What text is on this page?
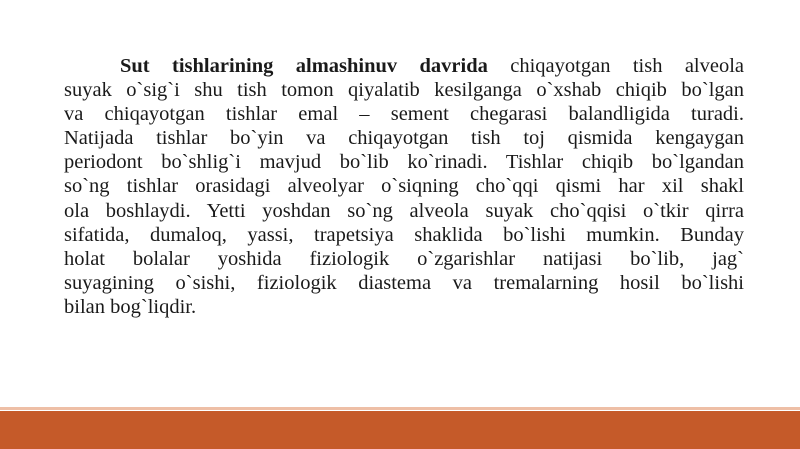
Sut tishlarining almashinuv davrida chiqayotgan tish alveola
suyak o`sig`i shu tish tomon qiyalatib kesilganga o`xshab chiqib bo`lgan
va chiqayotgan tishlar emal – sement chegarasi balandligida turadi.
Natijada tishlar bo`yin va chiqayotgan tish toj qismida kengaygan
periodont bo`shlig`i mavjud bo`lib ko`rinadi. Tishlar chiqib bo`lgandan
so`ng tishlar orasidagi alveolyar o`siqning cho`qqi qismi har xil shakl
ola boshlaydi. Yetti yoshdan so`ng alveola suyak cho`qqisi o`tkir qirra
sifatida, dumaloq, yassi, trapetsiya shaklida bo`lishi mumkin. Bunday
holat bolalar yoshida fiziologik o`zgarishlar natijasi bo`lib, jag`
suyagining o`sishi, fiziologik diastema va tremalarning hosil bo`lishi
bilan bog`liqdir.
